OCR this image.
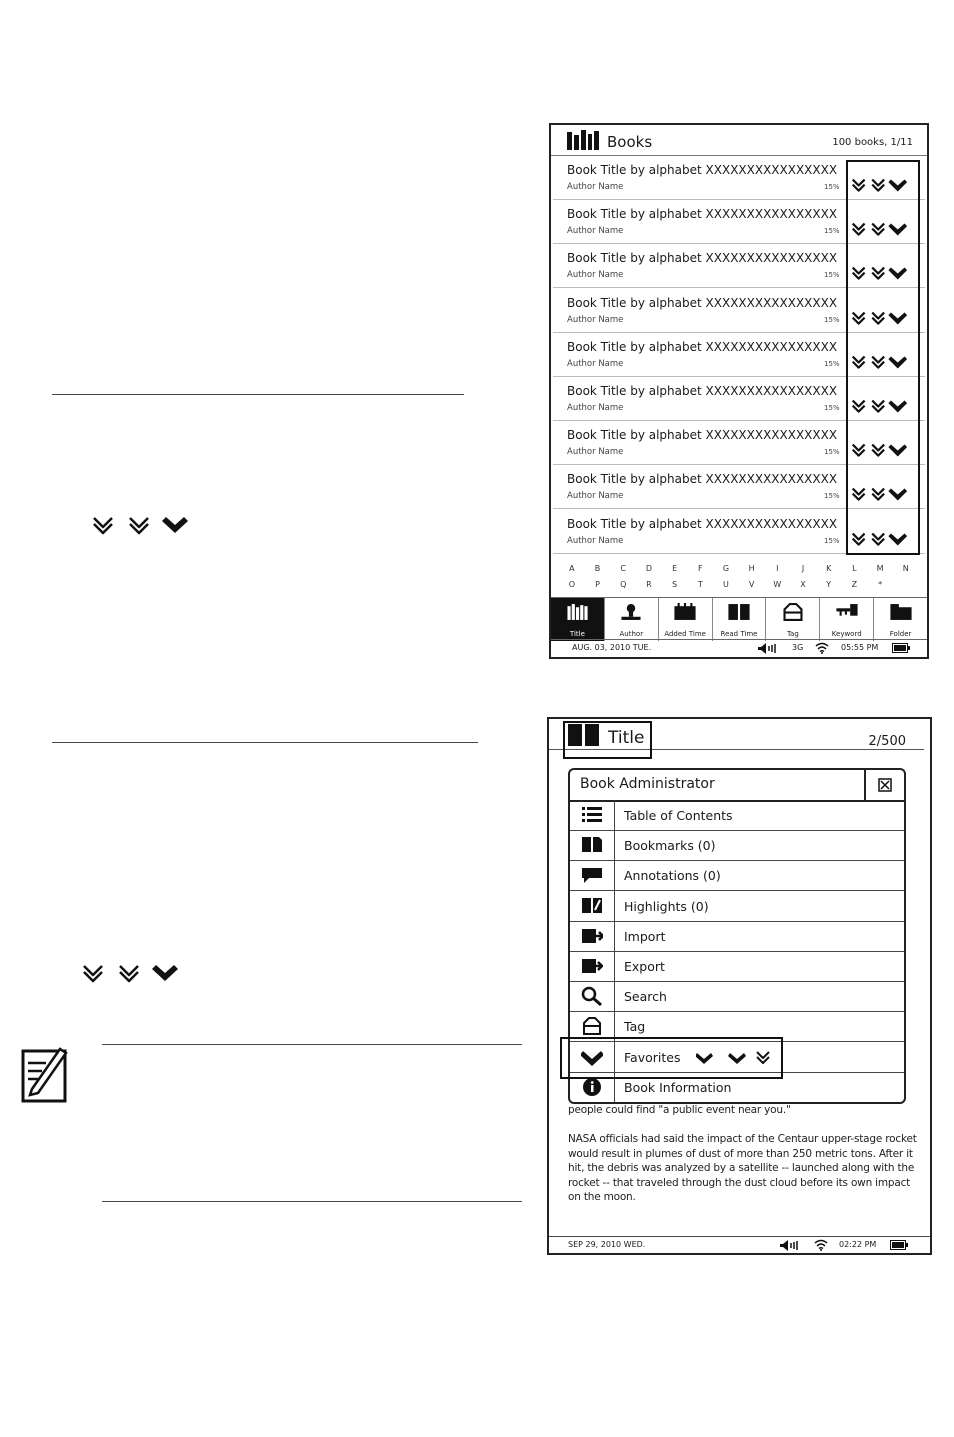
Books	100 books, 1/11
Book Title by alphabet XXXXXXXXXXXXXXXX
Author Name	15%
Book Title by alphabet XXXXXXXXXXXXXXXX
Author Name	15%
Book Title by alphabet XXXXXXXXXXXXXXXX
Author Name	15%
Book Title by alphabet XXXXXXXXXXXXXXXX
Author Name	15%
Book Title by alphabet XXXXXXXXXXXXXXXX
Author Name	15%
Book Title by alphabet XXXXXXXXXXXXXXXX
Author Name	15%
Book Title by alphabet XXXXXXXXXXXXXXXX
Author Name	15%
Book Title by alphabet XXXXXXXXXXXXXXXX
Author Name	15%
Book Title by alphabet XXXXXXXXXXXXXXXX
Author Name	15%
A	B	C	D	E	F	G	H	I	J	K	L	M	N
O	P	Q	R	S	T	U	V	W	X	Y	Z	*
Title	Author	Added Time	Read Time	Tag	Keyword	Folder
AUG. 03, 2010 TUE.	3G	05:55 PM
Title	2/500
Book Administrator
Table of Contents
Bookmarks (0)
Annotations (0)
Highlights (0)
Import
Export
Search
Tag
Favorites
Book Information
people could find "a public event near you."
NASA officials had said the impact of the Centaur upper-stage rocket
would result in plumes of dust of more than 250 metric tons. After it
hit, the debris was analyzed by a satellite -- launched along with the
rocket -- that traveled through the dust cloud before its own impact
on the moon.
SEP 29, 2010 WED.	02:22 PM
